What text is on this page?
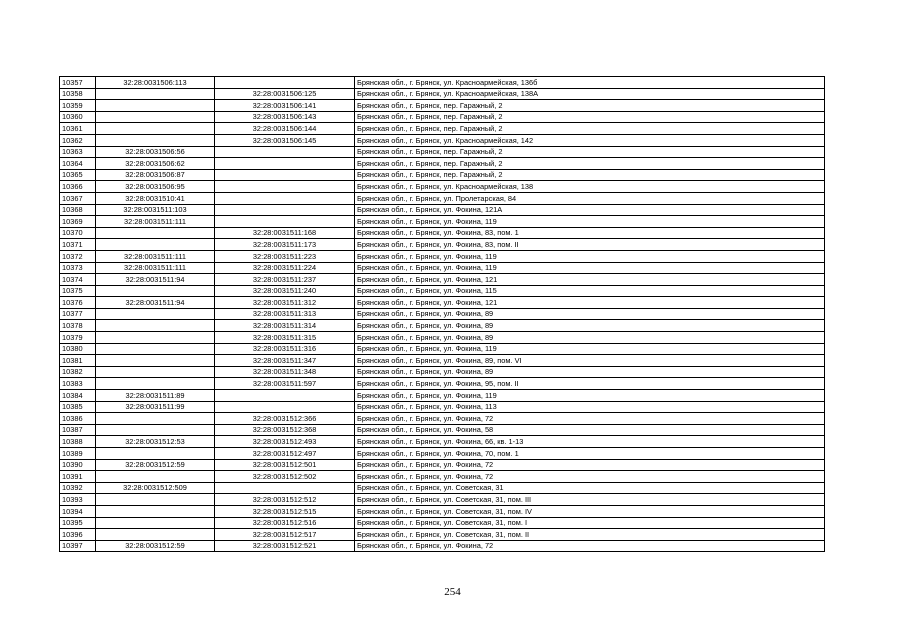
10357	32:28:0031506:113		Брянская обл., г. Брянск, ул. Красноармейская, 136б
10358		32:28:0031506:125	Брянская обл., г. Брянск, ул. Красноармейская, 138А
10359		32:28:0031506:141	Брянская обл., г. Брянск, пер. Гаражный, 2
10360		32:28:0031506:143	Брянская обл., г. Брянск, пер. Гаражный, 2
10361		32:28:0031506:144	Брянская обл., г. Брянск, пер. Гаражный, 2
10362		32:28:0031506:145	Брянская обл., г. Брянск, ул. Красноармейская, 142
10363	32:28:0031506:56		Брянская обл., г. Брянск, пер. Гаражный, 2
10364	32:28:0031506:62		Брянская обл., г. Брянск, пер. Гаражный, 2
10365	32:28:0031506:87		Брянская обл., г. Брянск, пер. Гаражный, 2
10366	32:28:0031506:95		Брянская обл., г. Брянск, ул. Красноармейская, 138
10367	32:28:0031510:41		Брянская обл., г. Брянск, ул. Пролетарская, 84
10368	32:28:0031511:103		Брянская обл., г. Брянск, ул. Фокина, 121А
10369	32:28:0031511:111		Брянская обл., г. Брянск, ул. Фокина, 119
10370		32:28:0031511:168	Брянская обл., г. Брянск, ул. Фокина, 83, пом. 1
10371		32:28:0031511:173	Брянская обл., г. Брянск, ул. Фокина, 83, пом. II
10372	32:28:0031511:111	32:28:0031511:223	Брянская обл., г. Брянск, ул. Фокина, 119
10373	32:28:0031511:111	32:28:0031511:224	Брянская обл., г. Брянск, ул. Фокина, 119
10374	32:28:0031511:94	32:28:0031511:237	Брянская обл., г. Брянск, ул. Фокина, 121
10375		32:28:0031511:240	Брянская обл., г. Брянск, ул. Фокина, 115
10376	32:28:0031511:94	32:28:0031511:312	Брянская обл., г. Брянск, ул. Фокина, 121
10377		32:28:0031511:313	Брянская обл., г. Брянск, ул. Фокина, 89
10378		32:28:0031511:314	Брянская обл., г. Брянск, ул. Фокина, 89
10379		32:28:0031511:315	Брянская обл., г. Брянск, ул. Фокина, 89
10380		32:28:0031511:316	Брянская обл., г. Брянск, ул. Фокина, 119
10381		32:28:0031511:347	Брянская обл., г. Брянск, ул. Фокина, 89, пом. VI
10382		32:28:0031511:348	Брянская обл., г. Брянск, ул. Фокина, 89
10383		32:28:0031511:597	Брянская обл., г. Брянск, ул. Фокина, 95, пом. II
10384	32:28:0031511:89		Брянская обл., г. Брянск, ул. Фокина, 119
10385	32:28:0031511:99		Брянская обл., г. Брянск, ул. Фокина, 113
10386		32:28:0031512:366	Брянская обл., г. Брянск, ул. Фокина, 72
10387		32:28:0031512:368	Брянская обл., г. Брянск, ул. Фокина, 58
10388	32:28:0031512:53	32:28:0031512:493	Брянская обл., г. Брянск, ул. Фокина, 66, кв. 1-13
10389		32:28:0031512:497	Брянская обл., г. Брянск, ул. Фокина, 70, пом. 1
10390	32:28:0031512:59	32:28:0031512:501	Брянская обл., г. Брянск, ул. Фокина, 72
10391		32:28:0031512:502	Брянская обл., г. Брянск, ул. Фокина, 72
10392	32:28:0031512:509		Брянская обл., г. Брянск, ул. Советская, 31
10393		32:28:0031512:512	Брянская обл., г. Брянск, ул. Советская, 31, пом. III
10394		32:28:0031512:515	Брянская обл., г. Брянск, ул. Советская, 31, пом. IV
10395		32:28:0031512:516	Брянская обл., г. Брянск, ул. Советская, 31, пом. I
10396		32:28:0031512:517	Брянская обл., г. Брянск, ул. Советская, 31, пом. II
10397	32:28:0031512:59	32:28:0031512:521	Брянская обл., г. Брянск, ул. Фокина, 72
254
